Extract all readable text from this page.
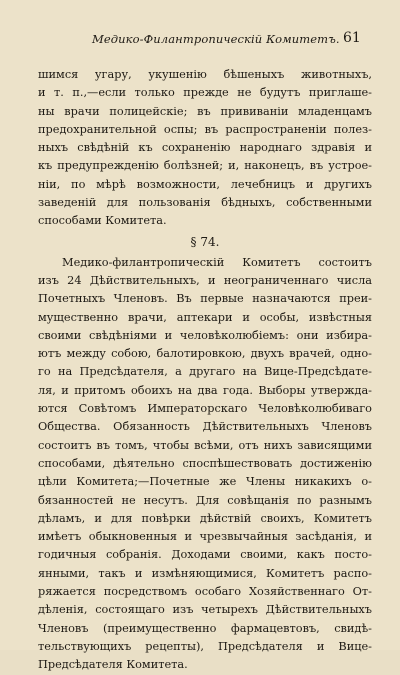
Медико-Филантропическій Комитетъ. 61
шимся угару, укушенію бѣшеныхъ животныхъ,
и т. п.,—если только прежде не будутъ приглаше-
ны врачи полицейскіе; въ прививаніи младенцамъ
предохранительной оспы; въ распространеніи полез-
ныхъ свѣдѣній къ сохраненію народнаго здравія и
къ предупрежденію болѣзней; и, наконецъ, въ устрое-
ніи, по мѣрѣ возможности, лечебницъ и другихъ
заведеній для пользованія бѣдныхъ, собственными
способами Комитета.
§ 74.
Медико-филантропическій Комитетъ состоитъ
изъ 24 Дѣйствительныхъ, и неограниченнаго числа
Почетныхъ Членовъ. Въ первые назначаются преи-
мущественно врачи, аптекари и особы, извѣстныя
своими свѣдѣніями и человѣколюбіемъ: они избира-
ютъ между собою, балотировкою, двухъ врачей, одно-
го на Предсѣдателя, а другаго на Вице-Предсѣдате-
ля, и притомъ обоихъ на два года. Выборы утвержда-
ются Совѣтомъ Императорскаго Человѣколюбиваго
Общества. Обязанность Дѣйствительныхъ Членовъ
состоитъ въ томъ, чтобы всѣми, отъ нихъ зависящими
способами, дѣятельно споспѣшествовать достиженію
цѣли Комитета;—Почетные же Члены никакихъ о-
бязанностей не несутъ. Для совѣщанія по разнымъ
дѣламъ, и для повѣрки дѣйствій своихъ, Комитетъ
имѣетъ обыкновенныя и чрезвычайныя засѣданія, и
годичныя собранія. Доходами своими, какъ посто-
янными, такъ и измѣняющимися, Комитетъ распо-
ряжается посредствомъ особаго Хозяйственнаго От-
дѣленія, состоящаго изъ четырехъ Дѣйствительныхъ
Членовъ (преимущественно фармацевтовъ, свидѣ-
тельствующихъ рецепты), Предсѣдателя и Вице-
Предсѣдателя Комитета.
